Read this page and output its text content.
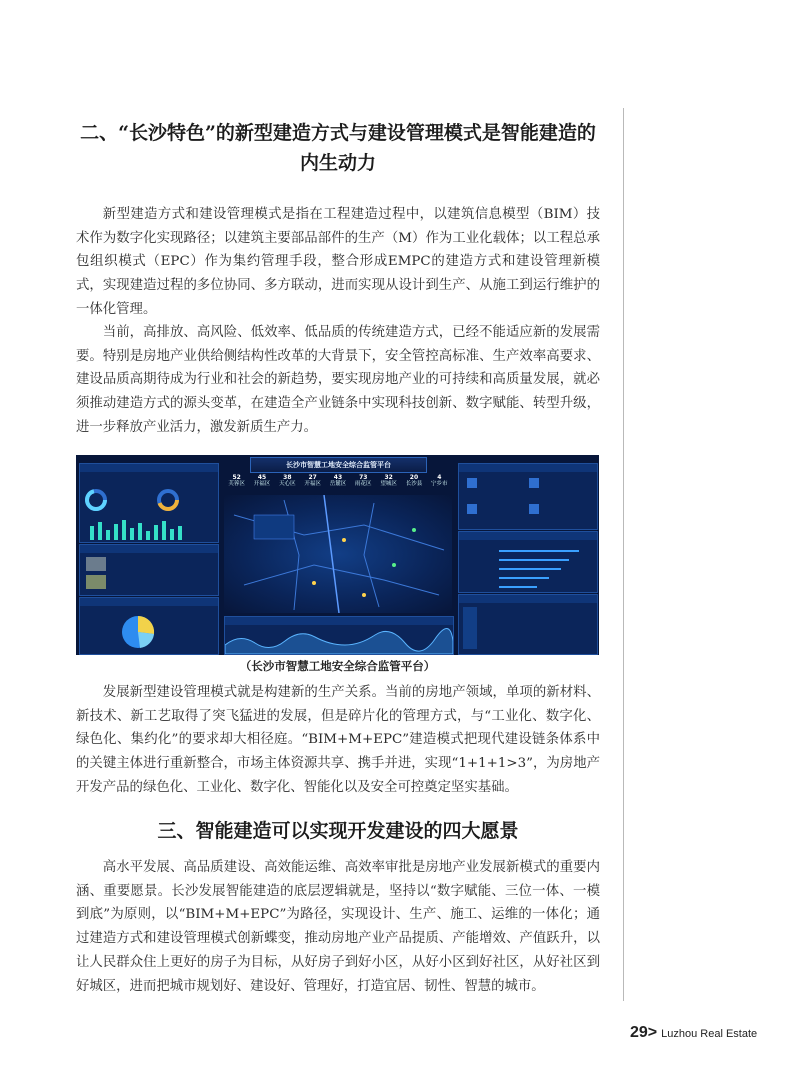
二、“长沙特色”的新型建造方式与建设管理模式是智能建造的
内生动力

新型建造方式和建设管理模式是指在工程建造过程中，以建筑信息模型（BIM）技术作为数字化实现路径；以建筑主要部品部件的生产（M）作为工业化载体；以工程总承包组织模式（EPC）作为集约管理手段，整合形成EMPC的建造方式和建设管理新模式，实现建造过程的多位协同、多方联动，进而实现从设计到生产、从施工到运行维护的一体化管理。

当前，高排放、高风险、低效率、低品质的传统建造方式，已经不能适应新的发展需要。特别是房地产业供给侧结构性改革的大背景下，安全管控高标准、生产效率高要求、建设品质高期待成为行业和社会的新趋势，要实现房地产业的可持续和高质量发展，就必须推动建造方式的源头变革，在建造全产业链条中实现科技创新、数字赋能、转型升级，进一步释放产业活力，激发新质生产力。

长沙市智慧工地安全综合监管平台
52
芙蓉区
45
开福区
38
天心区
27
开福区
43
岳麓区
73
雨花区
32
望城区
20
长沙县
4
宁乡市
（长沙市智慧工地安全综合监管平台）

发展新型建设管理模式就是构建新的生产关系。当前的房地产领域，单项的新材料、新技术、新工艺取得了突飞猛进的发展，但是碎片化的管理方式，与“工业化、数字化、绿色化、集约化”的要求却大相径庭。“BIM+M+EPC”建造模式把现代建设链条体系中的关键主体进行重新整合，市场主体资源共享、携手并进，实现“1+1+1>3”，为房地产开发产品的绿色化、工业化、数字化、智能化以及安全可控奠定坚实基础。

三、智能建造可以实现开发建设的四大愿景

高水平发展、高品质建设、高效能运维、高效率审批是房地产业发展新模式的重要内涵、重要愿景。长沙发展智能建造的底层逻辑就是，坚持以“数字赋能、三位一体、一模到底”为原则，以“BIM+M+EPC”为路径，实现设计、生产、施工、运维的一体化；通过建造方式和建设管理模式创新蝶变，推动房地产业产品提质、产能增效、产值跃升，以让人民群众住上更好的房子为目标，从好房子到好小区，从好小区到好社区，从好社区到好城区，进而把城市规划好、建设好、管理好，打造宜居、韧性、智慧的城市。

29> Luzhou Real Estate
